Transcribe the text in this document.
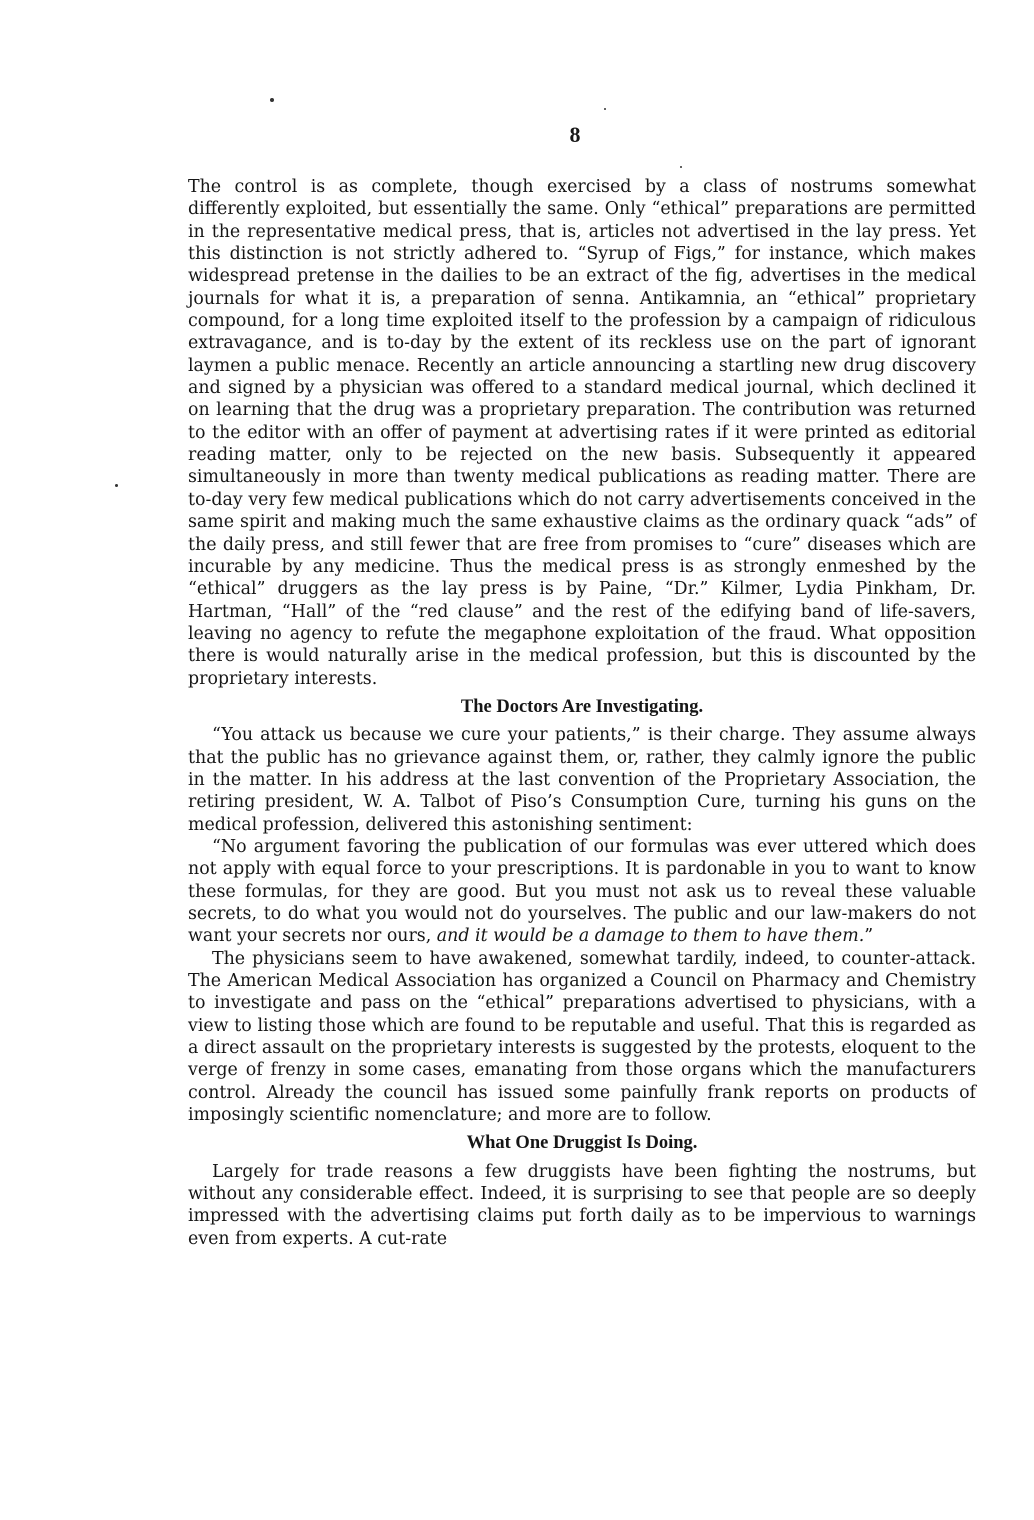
8

The control is as complete, though exercised by a class of nostrums somewhat differently exploited, but essentially the same. Only “ethical” preparations are permitted in the representative medical press, that is, articles not advertised in the lay press. Yet this distinction is not strictly adhered to. “Syrup of Figs,” for instance, which makes widespread pretense in the dailies to be an extract of the fig, advertises in the medical journals for what it is, a preparation of senna. Antikamnia, an “ethical” proprietary compound, for a long time exploited itself to the profession by a campaign of ridiculous extravagance, and is to-day by the extent of its reckless use on the part of ignorant laymen a public menace. Recently an article announcing a startling new drug discovery and signed by a physician was offered to a standard medical journal, which declined it on learning that the drug was a proprietary preparation. The contribution was returned to the editor with an offer of payment at advertising rates if it were printed as editorial reading matter, only to be rejected on the new basis. Subsequently it appeared simultaneously in more than twenty medical publications as reading matter. There are to-day very few medical publications which do not carry advertisements conceived in the same spirit and making much the same exhaustive claims as the ordinary quack “ads” of the daily press, and still fewer that are free from promises to “cure” diseases which are incurable by any medicine. Thus the medical press is as strongly enmeshed by the “ethical” druggers as the lay press is by Paine, “Dr.” Kilmer, Lydia Pinkham, Dr. Hartman, “Hall” of the “red clause” and the rest of the edifying band of life-savers, leaving no agency to refute the megaphone exploitation of the fraud. What opposition there is would naturally arise in the medical profession, but this is discounted by the proprietary interests.

The Doctors Are Investigating.

“You attack us because we cure your patients,” is their charge. They assume always that the public has no grievance against them, or, rather, they calmly ignore the public in the matter. In his address at the last convention of the Proprietary Association, the retiring president, W. A. Talbot of Piso’s Consumption Cure, turning his guns on the medical profession, delivered this astonishing sentiment:

“No argument favoring the publication of our formulas was ever uttered which does not apply with equal force to your prescriptions. It is pardonable in you to want to know these formulas, for they are good. But you must not ask us to reveal these valuable secrets, to do what you would not do yourselves. The public and our law-makers do not want your secrets nor ours, and it would be a damage to them to have them.”

The physicians seem to have awakened, somewhat tardily, indeed, to counter-attack. The American Medical Association has organized a Council on Pharmacy and Chemistry to investigate and pass on the “ethical” preparations advertised to physicians, with a view to listing those which are found to be reputable and useful. That this is regarded as a direct assault on the proprietary interests is suggested by the protests, eloquent to the verge of frenzy in some cases, emanating from those organs which the manufacturers control. Already the council has issued some painfully frank reports on products of imposingly scientific nomenclature; and more are to follow.

What One Druggist Is Doing.

Largely for trade reasons a few druggists have been fighting the nostrums, but without any considerable effect. Indeed, it is surprising to see that people are so deeply impressed with the advertising claims put forth daily as to be impervious to warnings even from experts. A cut-rate
